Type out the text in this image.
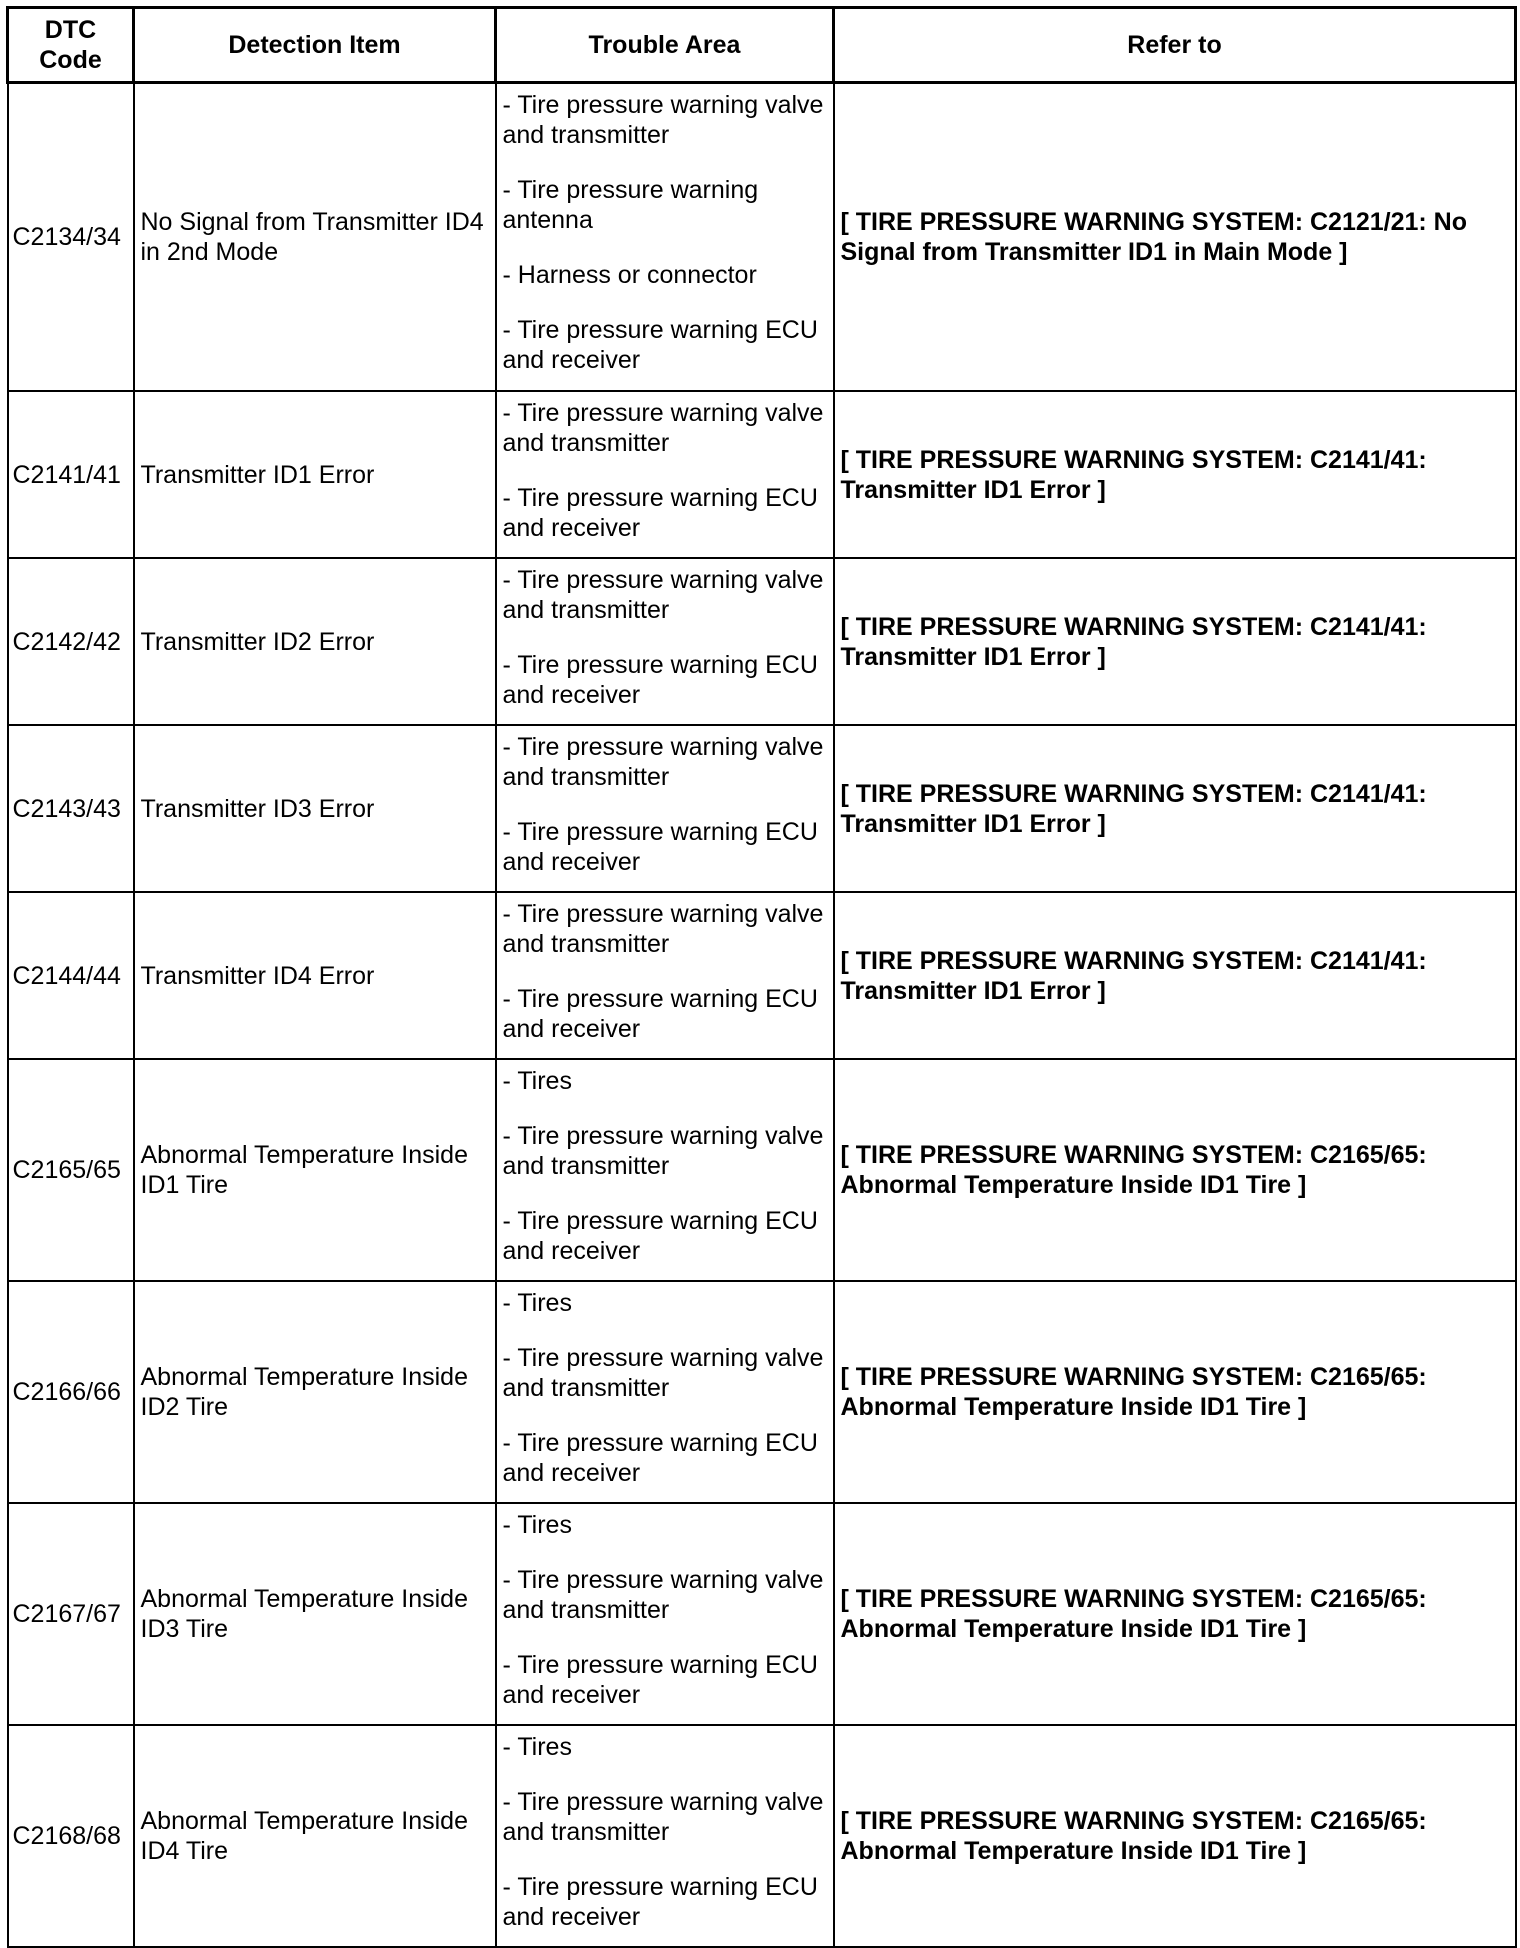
DTC
Code	Detection Item	Trouble Area	Refer to
C2134/34	No Signal from Transmitter ID4 in 2nd Mode	- Tire pressure warning valve and transmitter
- Tire pressure warning antenna
- Harness or connector
- Tire pressure warning ECU and receiver	[ TIRE PRESSURE WARNING SYSTEM: C2121/21: No Signal from Transmitter ID1 in Main Mode ]
C2141/41	Transmitter ID1 Error	- Tire pressure warning valve and transmitter
- Tire pressure warning ECU and receiver	[ TIRE PRESSURE WARNING SYSTEM: C2141/41: Transmitter ID1 Error ]
C2142/42	Transmitter ID2 Error	- Tire pressure warning valve and transmitter
- Tire pressure warning ECU and receiver	[ TIRE PRESSURE WARNING SYSTEM: C2141/41: Transmitter ID1 Error ]
C2143/43	Transmitter ID3 Error	- Tire pressure warning valve and transmitter
- Tire pressure warning ECU and receiver	[ TIRE PRESSURE WARNING SYSTEM: C2141/41: Transmitter ID1 Error ]
C2144/44	Transmitter ID4 Error	- Tire pressure warning valve and transmitter
- Tire pressure warning ECU and receiver	[ TIRE PRESSURE WARNING SYSTEM: C2141/41: Transmitter ID1 Error ]
C2165/65	Abnormal Temperature Inside ID1 Tire	- Tires
- Tire pressure warning valve and transmitter
- Tire pressure warning ECU and receiver	[ TIRE PRESSURE WARNING SYSTEM: C2165/65: Abnormal Temperature Inside ID1 Tire ]
C2166/66	Abnormal Temperature Inside ID2 Tire	- Tires
- Tire pressure warning valve and transmitter
- Tire pressure warning ECU and receiver	[ TIRE PRESSURE WARNING SYSTEM: C2165/65: Abnormal Temperature Inside ID1 Tire ]
C2167/67	Abnormal Temperature Inside ID3 Tire	- Tires
- Tire pressure warning valve and transmitter
- Tire pressure warning ECU and receiver	[ TIRE PRESSURE WARNING SYSTEM: C2165/65: Abnormal Temperature Inside ID1 Tire ]
C2168/68	Abnormal Temperature Inside ID4 Tire	- Tires
- Tire pressure warning valve and transmitter
- Tire pressure warning ECU and receiver	[ TIRE PRESSURE WARNING SYSTEM: C2165/65: Abnormal Temperature Inside ID1 Tire ]
